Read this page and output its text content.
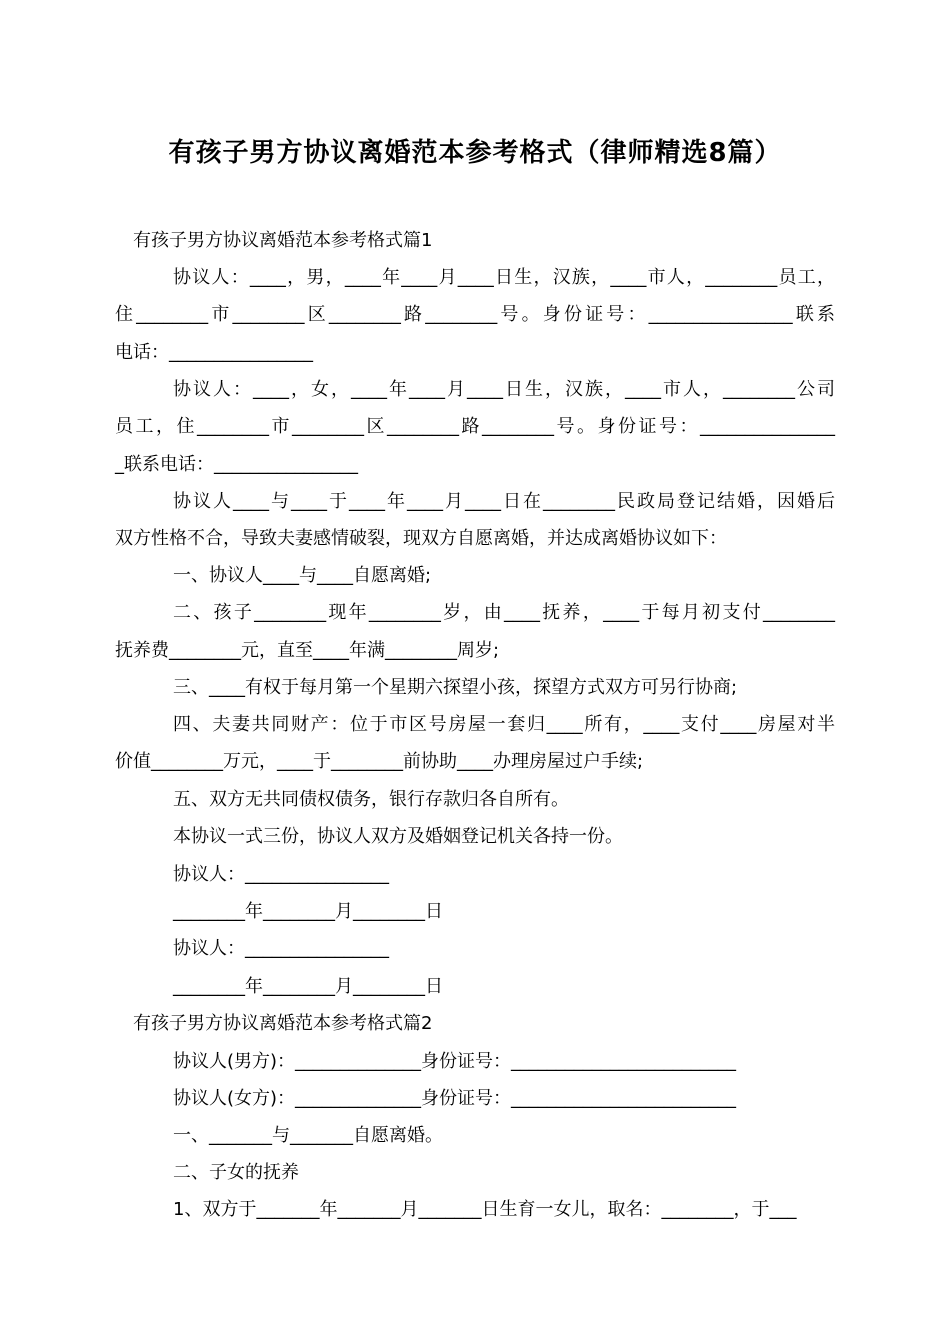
有孩子男方协议离婚范本参考格式（律师精选8篇）
有孩子男方协议离婚范本参考格式篇1
协议人：____，男，____年____月____日生，汉族，____市人，________员工，
住________市________区________路________号。身份证号：________________联系
电话：________________
协议人：____，女，____年____月____日生，汉族，____市人，________公司
员工，住________市________区________路________号。身份证号：_______________
_联系电话：________________
协议人____与____于____年____月____日在________民政局登记结婚，因婚后
双方性格不合，导致夫妻感情破裂，现双方自愿离婚，并达成离婚协议如下：
一、协议人____与____自愿离婚;
二、孩子________现年________岁，由____抚养，____于每月初支付________
抚养费________元，直至____年满________周岁;
三、____有权于每月第一个星期六探望小孩，探望方式双方可另行协商;
四、夫妻共同财产：位于市区号房屋一套归____所有，____支付____房屋对半
价值________万元，____于________前协助____办理房屋过户手续;
五、双方无共同债权债务，银行存款归各自所有。
本协议一式三份，协议人双方及婚姻登记机关各持一份。
协议人：________________
________年________月________日
协议人：________________
________年________月________日
有孩子男方协议离婚范本参考格式篇2
协议人(男方)：______________身份证号：_________________________
协议人(女方)：______________身份证号：_________________________
一、_______与_______自愿离婚。
二、子女的抚养
1、双方于_______年_______月_______日生育一女儿，取名：________，于___
